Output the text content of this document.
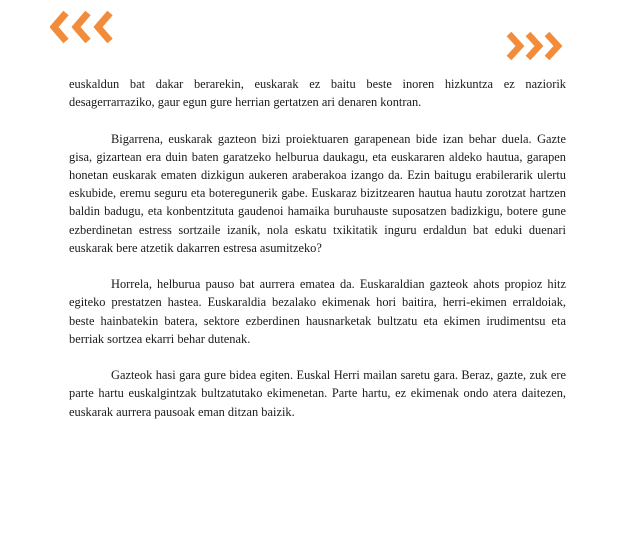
euskaldun bat dakar berarekin, euskarak ez baitu beste inoren hizkuntza ez naziorik desagerrarraziko, gaur egun gure herrian gertatzen ari denaren kontran.

Bigarrena, euskarak gazteon bizi proiektuaren garapenean bide izan behar duela. Gazte gisa, gizartean era duin baten garatzeko helburua daukagu, eta euskararen aldeko hautua, garapen honetan euskarak ematen dizkigun aukeren araberakoa izango da. Ezin baitugu erabilerarik ulertu eskubide, eremu seguru eta boteregunerik gabe. Euskaraz bizitzearen hautua hautu zorotzat hartzen baldin badugu, eta konbentzituta gaudenoi hamaika buruhauste suposatzen badizkigu, botere gune ezberdinetan estress sortzaile izanik, nola eskatu txikitatik inguru erdaldun bat eduki duenari euskarak bere atzetik dakarren estresa asumitzeko?

Horrela, helburua pauso bat aurrera ematea da. Euskaraldian gazteok ahots propioz hitz egiteko prestatzen hastea. Euskaraldia bezalako ekimenak hori baitira, herri-ekimen erraldoiak, beste hainbatekin batera, sektore ezberdinen hausnarketak bultzatu eta ekimen irudimentsu eta berriak sortzea ekarri behar dutenak.

Gazteok hasi gara gure bidea egiten. Euskal Herri mailan saretu gara. Beraz, gazte, zuk ere parte hartu euskalgintzak bultzatutako ekimenetan. Parte hartu, ez ekimenak ondo atera daitezen, euskarak aurrera pausoak eman ditzan baizik.
